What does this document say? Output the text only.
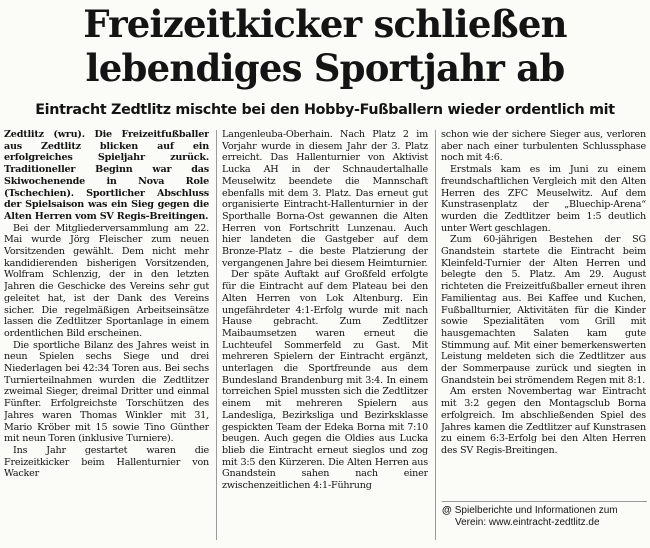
Freizeitkicker schließen
lebendiges Sportjahr ab
Eintracht Zedtlitz mischte bei den Hobby-Fußballern wieder ordentlich mit

Zedtlitz (wru). Die Freizeitfußballer aus Zedtlitz blicken auf ein erfolgreiches Spieljahr zurück. Traditioneller Beginn war das Skiwochenende in Nova Role (Tschechien). Sportlicher Abschluss der Spielsaison was ein Sieg gegen die Alten Herren vom SV Regis-Breitingen.

Bei der Mitgliederversammlung am 22. Mai wurde Jörg Fleischer zum neuen Vorsitzenden gewählt. Dem nicht mehr kandidierenden bisherigen Vorsitzenden, Wolfram Schlenzig, der in den letzten Jahren die Geschicke des Vereins sehr gut geleitet hat, ist der Dank des Vereins sicher. Die regelmäßigen Arbeitseinsätze lassen die Zedtlitzer Sportanlage in einem ordentlichen Bild erscheinen.

Die sportliche Bilanz des Jahres weist in neun Spielen sechs Siege und drei Niederlagen bei 42:34 Toren aus. Bei sechs Turnierteilnahmen wurden die Zedtlitzer zweimal Sieger, dreimal Dritter und einmal Fünfter. Erfolgreichste Torschützen des Jahres waren Thomas Winkler mit 31, Mario Kröber mit 15 sowie Tino Günther mit neun Toren (inklusive Turniere).

Ins Jahr gestartet waren die Freizeitkicker beim Hallenturnier von Wacker

Langenleuba-Oberhain. Nach Platz 2 im Vorjahr wurde in diesem Jahr der 3. Platz erreicht. Das Hallenturnier von Aktivist Lucka AH in der Schnaudertalhalle Meuselwitz beendete die Mannschaft ebenfalls mit dem 3. Platz. Das erneut gut organisierte Eintracht-Hallenturnier in der Sporthalle Borna-Ost gewannen die Alten Herren von Fortschritt Lunzenau. Auch hier landeten die Gastgeber auf dem Bronze-Platz – die beste Platzierung der vergangenen Jahre bei diesem Heimturnier.

Der späte Auftakt auf Großfeld erfolgte für die Eintracht auf dem Plateau bei den Alten Herren von Lok Altenburg. Ein ungefährdeter 4:1-Erfolg wurde mit nach Hause gebracht. Zum Zedtlitzer Maibaumsetzen waren erneut die Luchteufel Sommerfeld zu Gast. Mit mehreren Spielern der Eintracht ergänzt, unterlagen die Sportfreunde aus dem Bundesland Brandenburg mit 3:4. In einem torreichen Spiel mussten sich die Zedtlitzer einem mit mehreren Spielern aus Landesliga, Bezirksliga und Bezirksklasse gespickten Team der Edeka Borna mit 7:10 beugen. Auch gegen die Oldies aus Lucka blieb die Eintracht erneut sieglos und zog mit 3:5 den Kürzeren. Die Alten Herren aus Gnandstein sahen nach einer zwischenzeitlichen 4:1-Führung

schon wie der sichere Sieger aus, verloren aber nach einer turbulenten Schlussphase noch mit 4:6.

Erstmals kam es im Juni zu einem freundschaftlichen Vergleich mit den Alten Herren des ZFC Meuselwitz. Auf dem Kunstrasenplatz der „Bluechip-Arena“ wurden die Zedtlitzer beim 1:5 deutlich unter Wert geschlagen.

Zum 60-jährigen Bestehen der SG Gnandstein startete die Eintracht beim Kleinfeld-Turnier der Alten Herren und belegte den 5. Platz. Am 29. August richteten die Freizeitfußballer erneut ihren Familientag aus. Bei Kaffee und Kuchen, Fußballturnier, Aktivitäten für die Kinder sowie Spezialitäten vom Grill mit hausgemachten Salaten kam gute Stimmung auf. Mit einer bemerkenswerten Leistung meldeten sich die Zedtlitzer aus der Sommerpause zurück und siegten in Gnandstein bei strömendem Regen mit 8:1.

Am ersten Novembertag war Eintracht mit 3:2 gegen den Montagsclub Borna erfolgreich. Im abschließenden Spiel des Jahres kamen die Zedtlitzer auf Kunstrasen zu einem 6:3-Erfolg bei den Alten Herren des SV Regis-Breitingen.

@ Spielberichte und Informationen zum
Verein: www.eintracht-zedtlitz.de
